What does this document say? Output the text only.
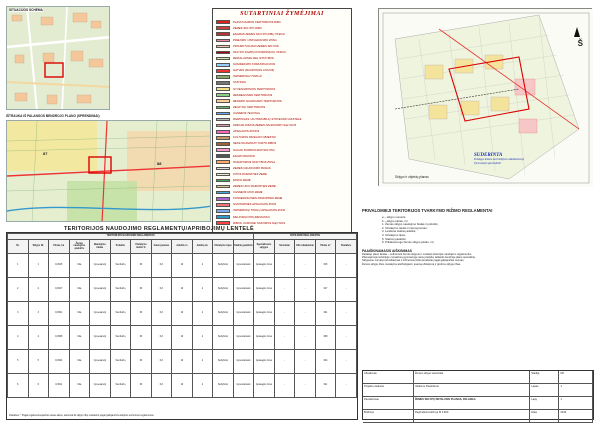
SITUACIJOS SCHEMA
87
88
IŠTRAUKA IŠ PALANGOS BENDROJO PLANO (SPRENDINIAI)
SUTARTINIAI ŽYMĖJIMAI
PLANUOJAMOS TERITORIJOS RIBA
ŽEMĖS SKLYPO RIBA
ESAMAS ŽEMĖS SKLYPO RIBŲ TAŠKAI
PRIĖJIMO / PRIVAŽIAVIMO ZONA
PROJEKTUOJAMI ŽEMĖS SKLYPAI
SKLYPO KAMPŲ KOORDINAČIŲ TAŠKAI
REIKALAVIMAI DĖL STATYBOS
SUSISIEKIMO KOMUNIKACIJOS
GATVĖS (RAUDONOS LINIJOS)
INŽINERINIAI TINKLAI
STATINIAI
GYVENAMOSIOS TERITORIJOS
REKREACINĖS TERITORIJOS
BENDRO NAUDOJIMO TERITORIJOS
ŽELDYNŲ TERITORIJOS
VANDENS TELKINIAI
PARKINGAS / AUTOMOBILIŲ STOVĖJIMO AIKŠTELĖ
SPECIALIOSIOS ŽEMĖS NAUDOJIMO SĄLYGOS
APSAUGOS ZONOS
KULTŪROS PAVELDO OBJEKTAI
NEKILNOJAMOJO TURTO RIBOS
NAUJAI FORMUOJAMI SKLYPAI
ESAMI PASTATAI
NUMATOMOS STATYBOS ZONA
ŽEMĖS NAUDOJIMO BŪDAS
KITOS PASKIRTIES ŽEMĖ
MIŠKO ŽEMĖ
ŽEMĖS ŪKIO PASKIRTIES ŽEMĖ
VANDENS ŪKIO ŽEMĖ
KONSERVACINĖS PASKIRTIES ŽEMĖ
SANITARINĖS APSAUGOS ZONA
INŽINERINIŲ TINKLŲ APSAUGOS ZONA
MELIORACIJOS ĮRENGINIAI
RIBOS, KURIOSE TAIKOMOS SĄLYGOS
Š
Sklypo ir objektų planas
SUDERINTA
Palangos miesto savivaldybės administracija
Vyresnioji specialistė
TERITORIJOS NAUDOJIMO REGLAMENTŲ/APRIBOJIMŲ LENTELĖ
TERITORIJOS NAUDOJIMO REGLAMENTAS												PAPILDOMI REGLAMENTAI				
Nr.	Sklypo Nr.	Plotas, ha	Žemės naudojimo paskirtis	Naudojimo būdas	Pobūdis	Užstatymo tankis %	Intensyvumas	Aukštis m	Aukštų sk.	Užstatymo tipas	Statinių paskirtis	Specialiosios sąlygos	Servitutai	Kiti reikalavimai	Plotas m²	Pastabos
1	1	0,0615	Kita	Gyvenamoji	Vienbučių	30	0,6	10	2	Sodybinis	Gyvenamasis	Apsaugos zona	-	-	615	-
2	2	0,0617	Kita	Gyvenamoji	Vienbučių	30	0,6	10	2	Sodybinis	Gyvenamasis	Apsaugos zona	-	-	617	-
3	3	0,0621	Kita	Gyvenamoji	Vienbučių	30	0,6	10	2	Sodybinis	Gyvenamasis	Apsaugos zona	-	-	621	-
4	4	0,0608	Kita	Gyvenamoji	Vienbučių	30	0,6	10	2	Sodybinis	Gyvenamasis	Apsaugos zona	-	-	608	-
5	5	0,0624	Kita	Gyvenamoji	Vienbučių	30	0,6	10	2	Sodybinis	Gyvenamasis	Apsaugos zona	-	-	624	-
6	6	0,0611	Kita	Gyvenamoji	Vienbučių	30	0,6	10	2	Sodybinis	Gyvenamasis	Apsaugos zona	-	-	611	-
Pastabos: * Pagal reglamentuojančius teisės aktus, atstumai iki sklypo ribų nustatomi pagal galiojančius statybos techninius reglamentus.
PRIVALOMIEJI TERITORIJOS TVARKYMO RIŽIMO REGLAMENTAI
a – sklypo numeris;
b – sklypo plotas, m²
1. Žemės sklypo naudojimo būdas ir pobūdis;
2. Užstatymo tankis ir intensyvumas;
3. Leistinas statinių aukštis;
4. Užstatymo tipas;
5. Statinių paskirtis;
6. Priklausomųjų žemės sklypų plotas, m²;
PAAIŠKINAMASIS AIŠKINIMAS
Detaliojo plano tikslas – suformuoti žemės sklypus ir nustatyti teritorijos naudojimo reglamentus.
Planuojamoje teritorijoje numatoma gyvenamųjų namų statyba, laikantis bendrojo plano sprendinių.
Sklypuose numatyti privažiavimai ir inžinerinių tinklų koridoriai pagal galiojančias normas.
Žemės sklypų ribos nustatytos atsižvelgiant į esamą užstatymą ir gretimų sklypų ribas.
Užsakovas	Žemės sklypo savininkai	Stadija	DP
Projekto vadovas	Vardenis Pavardenis	Lapas	1
Pavadinimas	ŽEMĖS SKLYPŲ DETALUSIS PLANAS, PALANGA	Lapų	1
Brėžinys	Pagrindinis brėžinys M 1:500	Data	2013
